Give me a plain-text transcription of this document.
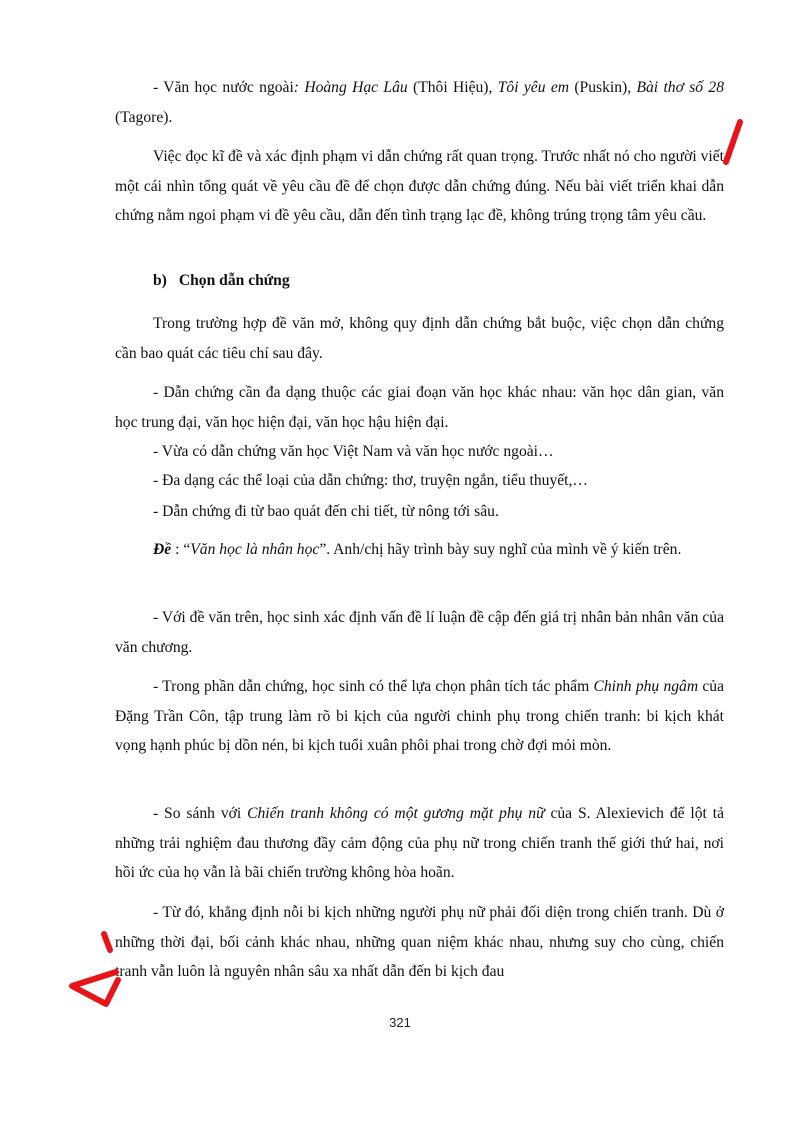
- Văn học nước ngoài: Hoàng Hạc Lâu (Thôi Hiệu), Tôi yêu em (Puskin), Bài thơ số 28 (Tagore).

Việc đọc kĩ đề và xác định phạm vi dẫn chứng rất quan trọng. Trước nhất nó cho người viết một cái nhìn tổng quát về yêu cầu đề để chọn được dẫn chứng đúng. Nếu bài viết triển khai dẫn chứng nằm ngoi phạm vi đề yêu cầu, dẫn đến tình trạng lạc đề, không trúng trọng tâm yêu cầu.

b) Chọn dẫn chứng

Trong trường hợp đề văn mở, không quy định dẫn chứng bắt buộc, việc chọn dẫn chứng cần bao quát các tiêu chí sau đây.

- Dẫn chứng cần đa dạng thuộc các giai đoạn văn học khác nhau: văn học dân gian, văn học trung đại, văn học hiện đại, văn học hậu hiện đại.

- Vừa có dẫn chứng văn học Việt Nam và văn học nước ngoài…

- Đa dạng các thể loại của dẫn chứng: thơ, truyện ngắn, tiểu thuyết,…

- Dẫn chứng đi từ bao quát đến chi tiết, từ nông tới sâu.

Đề : “Văn học là nhân học”. Anh/chị hãy trình bày suy nghĩ của mình về ý kiến trên.

- Với đề văn trên, học sinh xác định vấn đề lí luận đề cập đến giá trị nhân bản nhân văn của văn chương.

- Trong phần dẫn chứng, học sinh có thể lựa chọn phân tích tác phẩm Chinh phụ ngâm của Đặng Trần Côn, tập trung làm rõ bi kịch của người chinh phụ trong chiến tranh: bi kịch khát vọng hạnh phúc bị dồn nén, bi kịch tuổi xuân phôi phai trong chờ đợi mỏi mòn.

- So sánh với Chiến tranh không có một gương mặt phụ nữ của S. Alexievich để lột tả những trải nghiệm đau thương đầy cảm động của phụ nữ trong chiến tranh thế giới thứ hai, nơi hồi ức của họ vẫn là bãi chiến trường không hòa hoãn.

- Từ đó, khẳng định nỗi bi kịch những người phụ nữ phải đối diện trong chiến tranh. Dù ở những thời đại, bối cảnh khác nhau, những quan niệm khác nhau, nhưng suy cho cùng, chiến tranh vẫn luôn là nguyên nhân sâu xa nhất dẫn đến bi kịch đau

321
